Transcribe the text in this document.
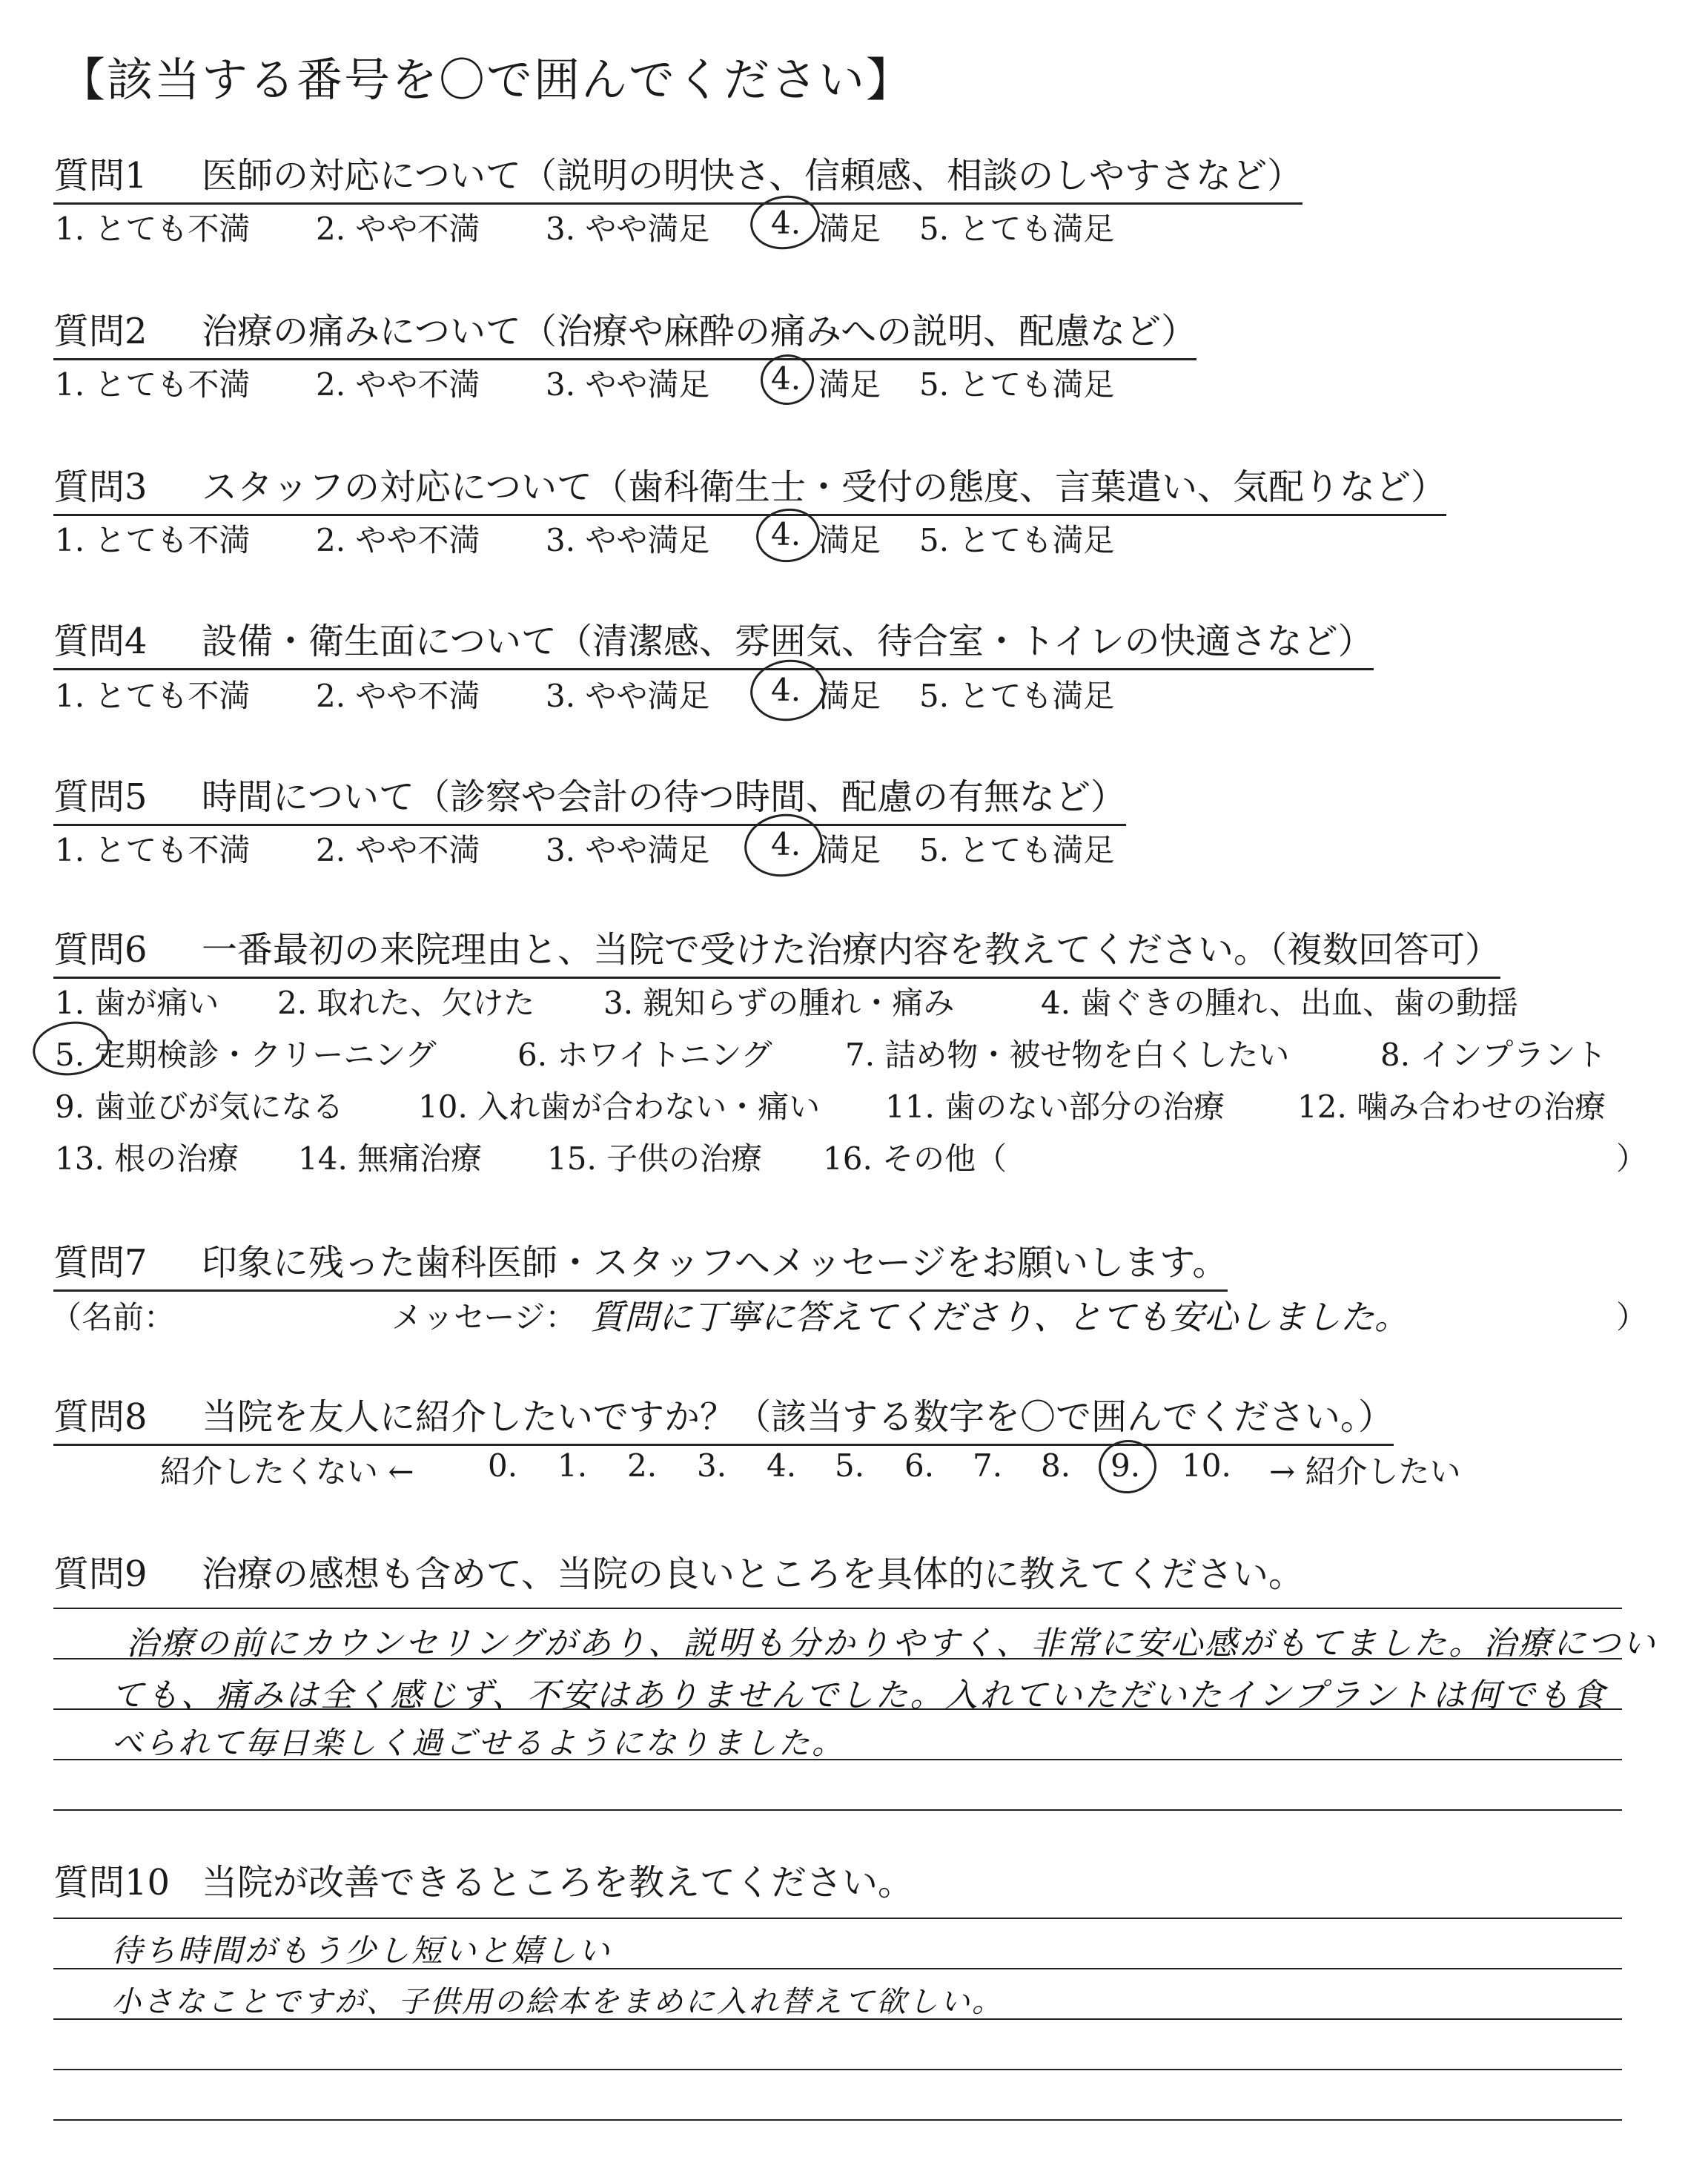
【該当する番号を〇で囲んでください】
質問1 医師の対応について（説明の明快さ、信頼感、相談のしやすさなど）
1. とても不満 2. やや不満 3. やや満足 4. 満足 5. とても満足
質問2 治療の痛みについて（治療や麻酔の痛みへの説明、配慮など）
1. とても不満 2. やや不満 3. やや満足 4. 満足 5. とても満足
質問3 スタッフの対応について（歯科衛生士・受付の態度、言葉遣い、気配りなど）
1. とても不満 2. やや不満 3. やや満足 4. 満足 5. とても満足
質問4 設備・衛生面について（清潔感、雰囲気、待合室・トイレの快適さなど）
1. とても不満 2. やや不満 3. やや満足 4. 満足 5. とても満足
質問5 時間について（診察や会計の待つ時間、配慮の有無など）
1. とても不満 2. やや不満 3. やや満足 4. 満足 5. とても満足
質問6 一番最初の来院理由と、当院で受けた治療内容を教えてください。（複数回答可）
1. 歯が痛い 2. 取れた、欠けた 3. 親知らずの腫れ・痛み	4. 歯ぐきの腫れ、出血、歯の動揺
5. 定期検診・クリーニング	6. ホワイトニング 7. 詰め物・被せ物を白くしたい	8. インプラント
9. 歯並びが気になる 10. 入れ歯が合わない・痛い 11. 歯のない部分の治療 12. 噛み合わせの治療
13. 根の治療 14. 無痛治療 15. 子供の治療 16. その他（	）
質問7 印象に残った歯科医師・スタッフへメッセージをお願いします。
（名前：	メッセージ： 質問に丁寧に答えてくださり、とても安心しました。	）
質問8 当院を友人に紹介したいですか？（該当する数字を〇で囲んでください。）
紹介したくない ← 0. 1. 2. 3. 4. 5. 6. 7. 8. 9. 10. → 紹介したい
質問9 治療の感想も含めて、当院の良いところを具体的に教えてください。
治療の前にカウンセリングがあり、説明も分かりやすく、非常に安心感がもてました。治療につい
ても、痛みは全く感じず、不安はありませんでした。入れていただいたインプラントは何でも食
べられて毎日楽しく過ごせるようになりました。
質問10 当院が改善できるところを教えてください。
待ち時間がもう少し短いと嬉しい
小さなことですが、子供用の絵本をまめに入れ替えて欲しい。
